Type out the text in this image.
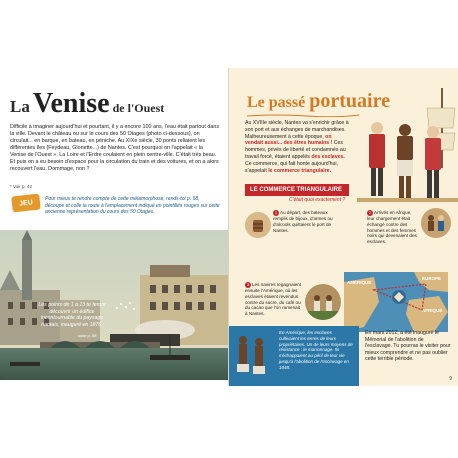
La Venise de l'Ouest

Difficile à imaginer aujourd'hui et pourtant, il y a encore 100 ans, l'eau était partout dans la ville. Devant le château ou sur le cours des 50 Otages (photo ci-dessous), on circulait... en barque, en bateau, en péniche. Au XIXe siècle, 30 ponts reliaient les différentes îles (Feydeau, Gloriette...) de Nantes. C'est pourquoi on l'appelait « la Venise de l'Ouest ». La Loire et l'Erdre coulaient en plein centre-ville. C'était très beau. Et puis on a eu besoin d'espace pour la circulation du train et des voitures, et on a alors recouvert l'eau. Dommage, non ?

* Voir p. 42
JEU	Pour mieux te rendre compte de cette métamorphose, rends-toi p. 58, découpe et colle la route à l'emplacement indiqué en pointillés rouges sur cette ancienne représentation du cours des 50 Otages.

Les points de 1 à 13 te feront découvrir un édifice incontournable du paysage nantais, inauguré en 1876.

suite p. 58
8
Le passé portuaire

Au XVIIIe siècle, Nantes va s'enrichir grâce à son port et aux échanges de marchandises. Malheureusement à cette époque, on vendait aussi... des êtres humains ! Ces hommes, privés de liberté et condamnés au travail forcé, étaient appelés des esclaves. Ce commerce, qui fait honte aujourd'hui, s'appelait le commerce triangulaire.

LE COMMERCE TRIANGULAIRE
C'était quoi exactement ?

1 Au départ, des bateaux remplis de bijoux, d'armes ou d'alcools quittaient le port de Nantes.

2 Arrivés en Afrique, leur chargement était échangé contre des hommes et des femmes noirs qui devenaient des esclaves.

3 Les navires regagnaient ensuite l'Amérique, où les esclaves étaient revendus contre du sucre, du café ou du cacao que l'on ramenait à Nantes.

AMÉRIQUE
EUROPE
AFRIQUE

En Amérique, les esclaves cultivaient les terres de leurs propriétaires. Un de leurs moyens de résistance : le marronnage. Ils s'échappaient au péril de leur vie jusqu'à l'abolition de l'esclavage en 1848.

En mars 2012, a été inauguré le Mémorial de l'abolition de l'esclavage. Tu pourras le visiter pour mieux comprendre et ne pas oublier cette terrible période.

9
